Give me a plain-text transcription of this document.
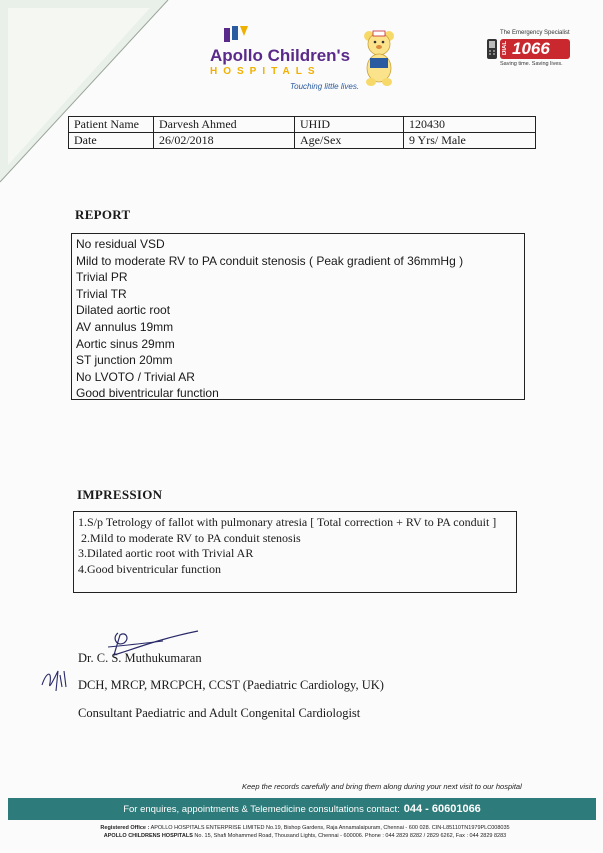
Apollo Children's
HOSPITALS
Touching little lives.
The Emergency Specialist
DIAL 1066
Saving time. Saving lives.
Patient Name	Darvesh Ahmed	UHID	120430
Date	26/02/2018	Age/Sex	9 Yrs/ Male
REPORT
No residual VSD
Mild to moderate RV to PA conduit stenosis ( Peak gradient of 36mmHg )
Trivial PR
Trivial TR
Dilated aortic root
AV annulus 19mm
Aortic sinus 29mm
ST junction 20mm
No LVOTO / Trivial AR
Good biventricular function
IMPRESSION
1.S/p Tetrology of fallot with pulmonary atresia [ Total correction + RV to PA conduit ]
2.Mild to moderate RV to PA conduit stenosis
3.Dilated aortic root with Trivial AR
4.Good biventricular function
Dr. C. S. Muthukumaran
DCH, MRCP, MRCPCH, CCST (Paediatric Cardiology, UK)
Consultant Paediatric and Adult Congenital Cardiologist
Keep the records carefully and bring them along during your next visit to our hospital
For enquires, appointments & Telemedicine consultations contact: 044 - 60601066
Registered Office : APOLLO HOSPITALS ENTERPRISE LIMITED No.19, Bishop Gardens, Raja Annamalaipuram, Chennai - 600 028. CIN-L85110TN1979PLC008035
APOLLO CHILDRENS HOSPITALS No. 15, Shafi Mohammed Road, Thousand Lights, Chennai - 600006. Phone : 044 2829 8282 / 2829 6262, Fax : 044 2829 8283
